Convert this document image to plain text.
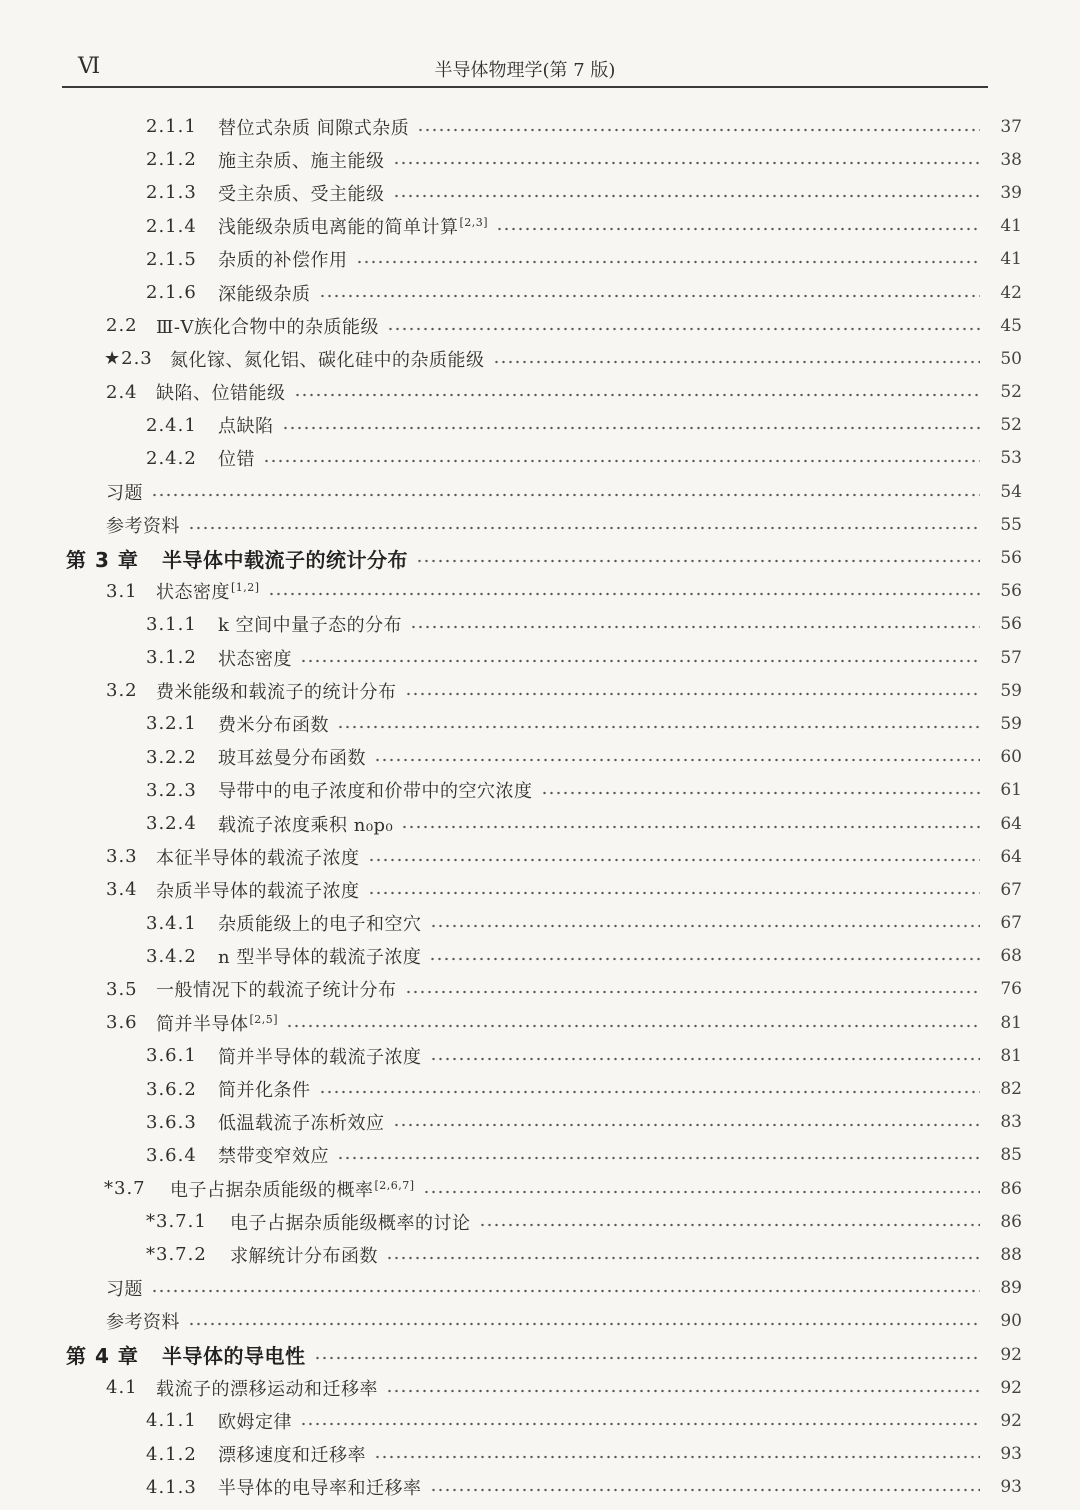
Ⅵ	半导体物理学(第 7 版)
2.1.1	替位式杂质 间隙式杂质	37
2.1.2	施主杂质、施主能级	38
2.1.3	受主杂质、受主能级	39
2.1.4	浅能级杂质电离能的简单计算[2,3]	41
2.1.5	杂质的补偿作用	41
2.1.6	深能级杂质	42
2.2	Ⅲ-Ⅴ族化合物中的杂质能级	45
★2.3 氮化镓、氮化铝、碳化硅中的杂质能级	50
2.4	缺陷、位错能级	52
2.4.1	点缺陷	52
2.4.2	位错	53
习题	54
参考资料	55
第 3 章	半导体中载流子的统计分布	56
3.1	状态密度[1,2]	56
3.1.1	k 空间中量子态的分布	56
3.1.2	状态密度	57
3.2	费米能级和载流子的统计分布	59
3.2.1	费米分布函数	59
3.2.2	玻耳兹曼分布函数	60
3.2.3	导带中的电子浓度和价带中的空穴浓度	61
3.2.4	载流子浓度乘积 n₀p₀	64
3.3	本征半导体的载流子浓度	64
3.4	杂质半导体的载流子浓度	67
3.4.1	杂质能级上的电子和空穴	67
3.4.2	n 型半导体的载流子浓度	68
3.5	一般情况下的载流子统计分布	76
3.6	简并半导体[2,5]	81
3.6.1	简并半导体的载流子浓度	81
3.6.2	简并化条件	82
3.6.3	低温载流子冻析效应	83
3.6.4	禁带变窄效应	85
*3.7	电子占据杂质能级的概率[2,6,7]	86
*3.7.1	电子占据杂质能级概率的讨论	86
*3.7.2	求解统计分布函数	88
习题	89
参考资料	90
第 4 章	半导体的导电性	92
4.1	载流子的漂移运动和迁移率	92
4.1.1	欧姆定律	92
4.1.2	漂移速度和迁移率	93
4.1.3	半导体的电导率和迁移率	93
